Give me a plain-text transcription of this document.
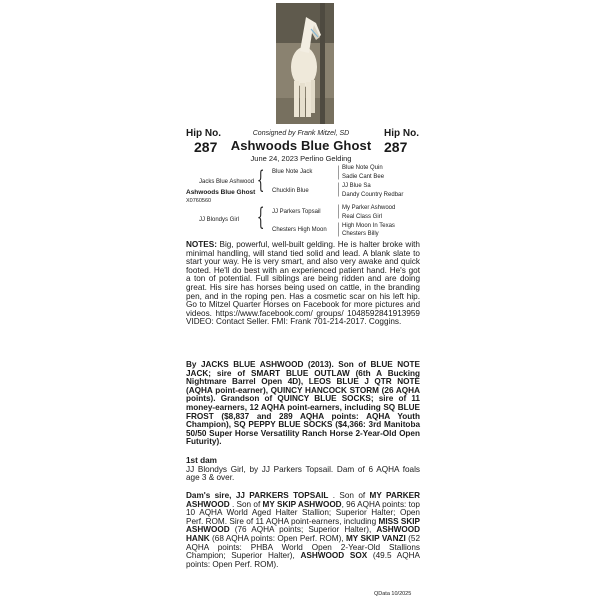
Consigned by Frank Mitzel, SD
Hip No.	Hip No.
287	287
Ashwoods Blue Ghost
June 24, 2023 Perlino Gelding
Jacks Blue Ashwood
Ashwoods Blue Ghost
X0760560
JJ Blondys Girl
{
{
Blue Note Jack
Chucklin Blue
JJ Parkers Topsail
Chesters High Moon
|
|
|
|
Blue Note Quin
Sadie Cant Bee
JJ Blue Sa
Dandy Country Redbar
My Parker Ashwood
Real Class Girl
High Moon In Texas
Chesters Billy
NOTES: Big, powerful, well-built gelding. He is halter broke with minimal handling, will stand tied solid and lead. A blank slate to start your way. He is very smart, and also very awake and quick footed. He'll do best with an experienced patient hand. He's got a ton of potential. Full siblings are being ridden and are doing great. His sire has horses being used on cattle, in the branding pen, and in the roping pen. Has a cosmetic scar on his left hip. Go to Mitzel Quarter Horses on Facebook for more pictures and videos. https://www.facebook.com/ groups/ 1048592841913959 VIDEO: Contact Seller. FMI: Frank 701-214-2017. Coggins.
By JACKS BLUE ASHWOOD (2013). Son of BLUE NOTE JACK; sire of SMART BLUE OUTLAW (6th A Bucking Nightmare Barrel Open 4D), LEOS BLUE J QTR NOTE (AQHA point-earner), QUINCY HANCOCK STORM (26 AQHA points). Grandson of QUINCY BLUE SOCKS; sire of 11 money-earners, 12 AQHA point-earners, including SQ BLUE FROST ($8,837 and 289 AQHA points: AQHA Youth Champion), SQ PEPPY BLUE SOCKS ($4,366: 3rd Manitoba 50/50 Super Horse Versatility Ranch Horse 2-Year-Old Open Futurity).
1st dam
JJ Blondys Girl, by JJ Parkers Topsail. Dam of 6 AQHA foals age 3 & over.
Dam's sire, JJ PARKERS TOPSAIL . Son of MY PARKER ASHWOOD . Son of MY SKIP ASHWOOD, 96 AQHA points: top 10 AQHA World Aged Halter Stallion; Superior Halter; Open Perf. ROM. Sire of 11 AQHA point-earners, including MISS SKIP ASHWOOD (76 AQHA points; Superior Halter), ASHWOOD HANK (68 AQHA points: Open Perf. ROM), MY SKIP VANZI (52 AQHA points: PHBA World Open 2-Year-Old Stallions Champion; Superior Halter), ASHWOOD SOX (49.5 AQHA points: Open Perf. ROM).
QData 10/2025
